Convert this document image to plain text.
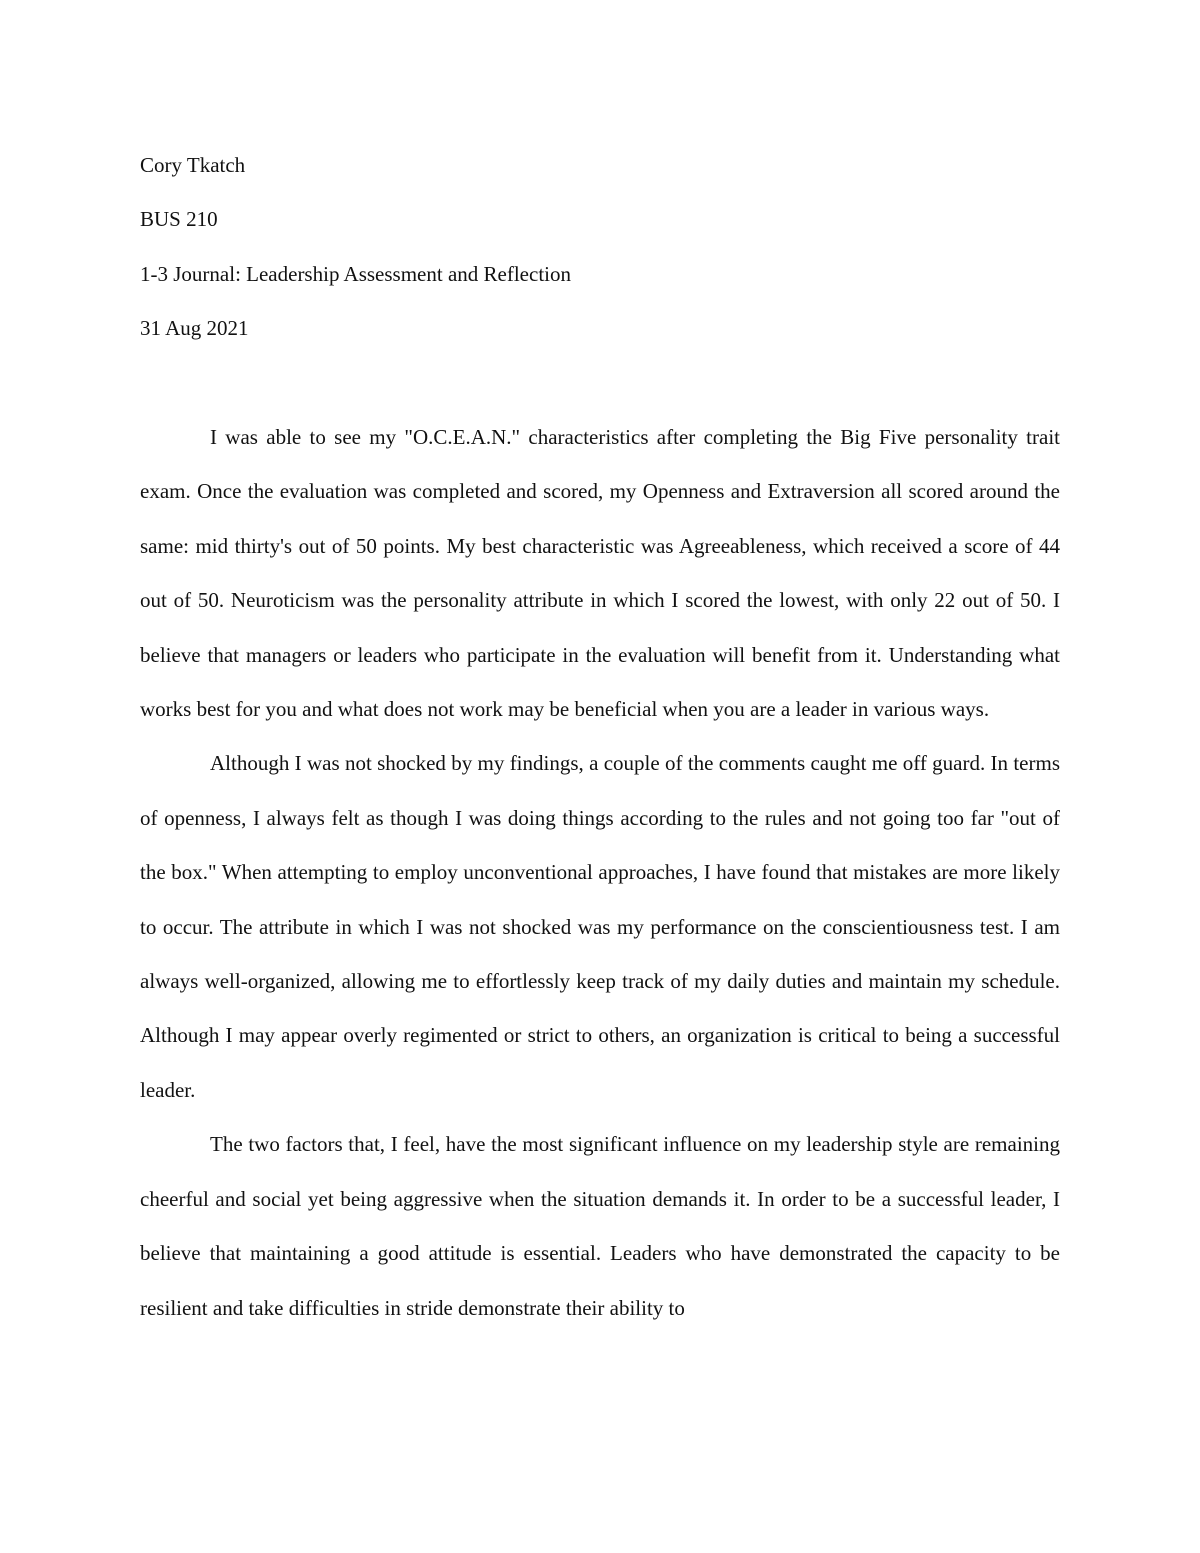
Cory Tkatch

BUS 210

1-3 Journal: Leadership Assessment and Reflection

31 Aug 2021

I was able to see my "O.C.E.A.N." characteristics after completing the Big Five personality trait exam. Once the evaluation was completed and scored, my Openness and Extraversion all scored around the same: mid thirty's out of 50 points. My best characteristic was Agreeableness, which received a score of 44 out of 50. Neuroticism was the personality attribute in which I scored the lowest, with only 22 out of 50. I believe that managers or leaders who participate in the evaluation will benefit from it. Understanding what works best for you and what does not work may be beneficial when you are a leader in various ways.

Although I was not shocked by my findings, a couple of the comments caught me off guard. In terms of openness, I always felt as though I was doing things according to the rules and not going too far "out of the box." When attempting to employ unconventional approaches, I have found that mistakes are more likely to occur. The attribute in which I was not shocked was my performance on the conscientiousness test. I am always well-organized, allowing me to effortlessly keep track of my daily duties and maintain my schedule. Although I may appear overly regimented or strict to others, an organization is critical to being a successful leader.

The two factors that, I feel, have the most significant influence on my leadership style are remaining cheerful and social yet being aggressive when the situation demands it. In order to be a successful leader, I believe that maintaining a good attitude is essential. Leaders who have demonstrated the capacity to be resilient and take difficulties in stride demonstrate their ability to
